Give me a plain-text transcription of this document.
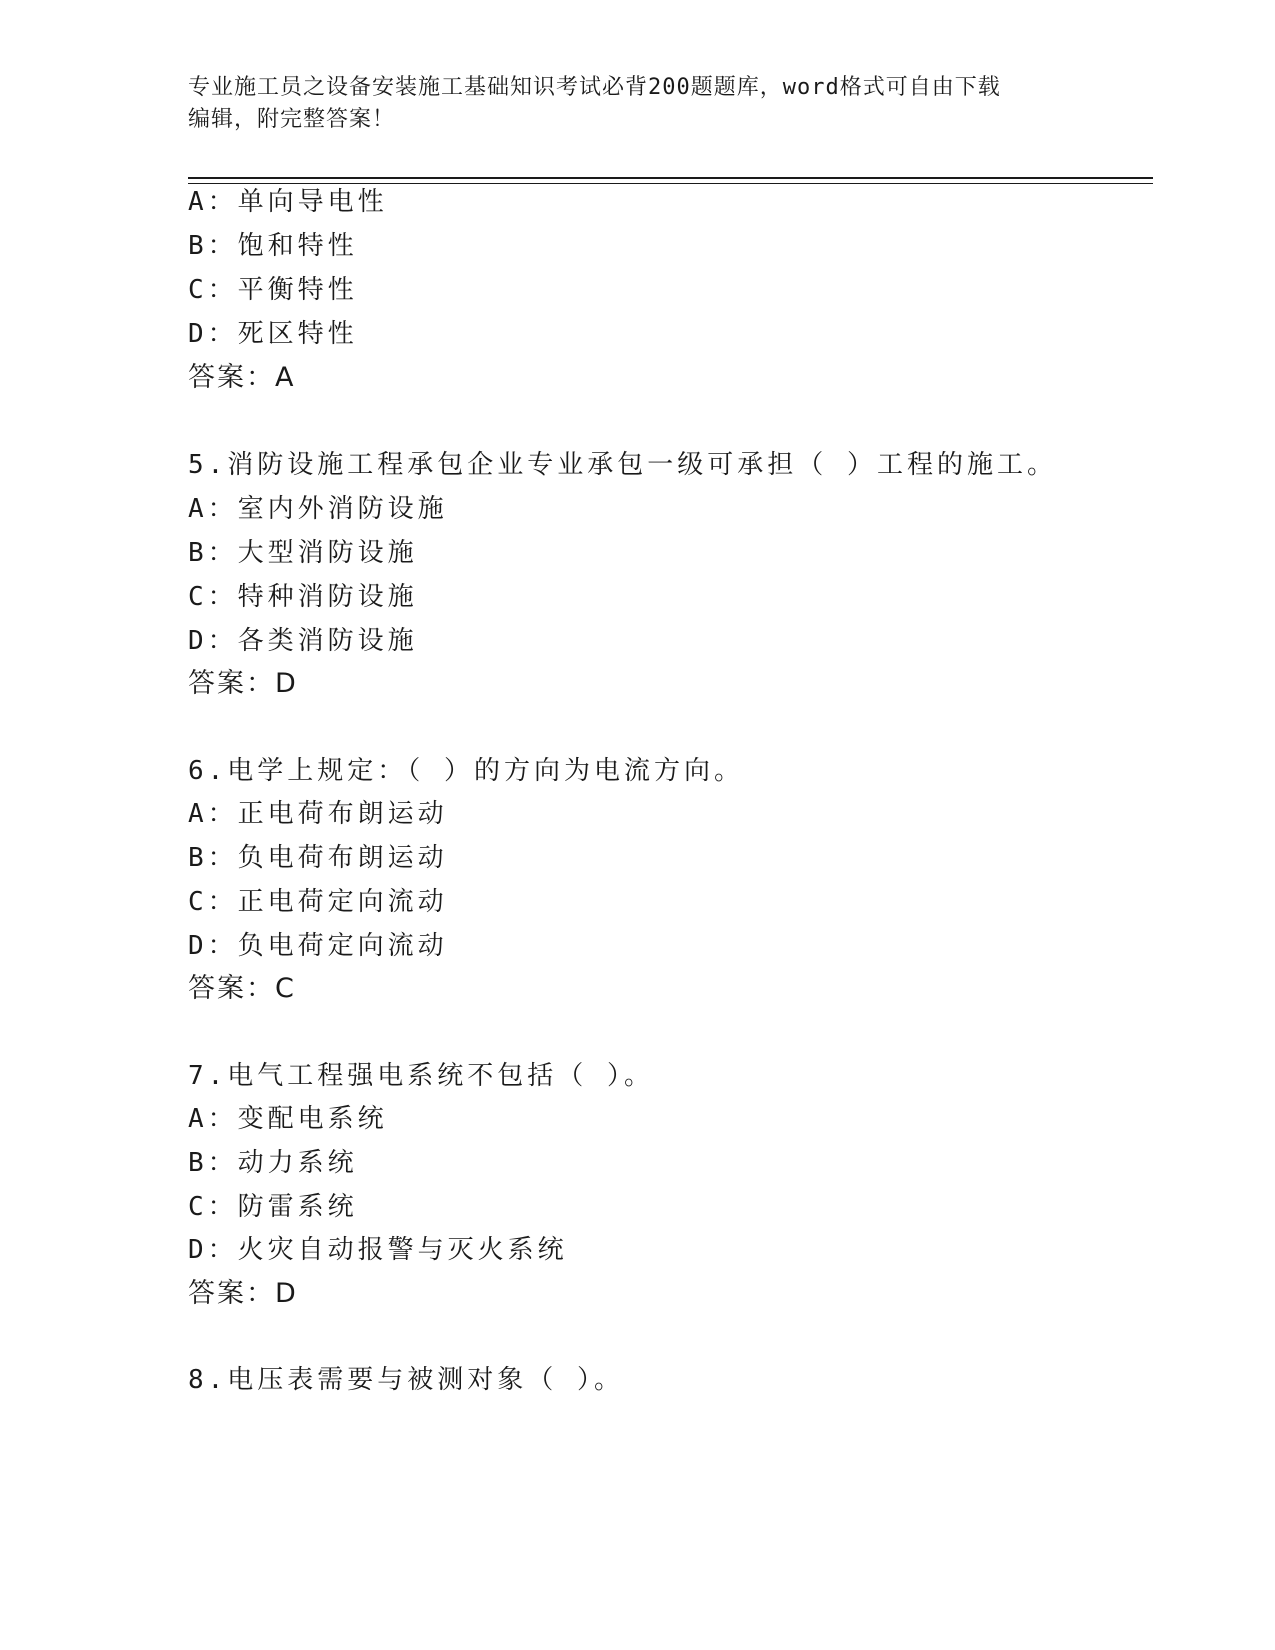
专业施工员之设备安装施工基础知识考试必背200题题库，word格式可自由下载
编辑，附完整答案！
A：单向导电性
B：饱和特性
C：平衡特性
D：死区特性
答案：A
5.消防设施工程承包企业专业承包一级可承担（ ）工程的施工。
A：室内外消防设施
B：大型消防设施
C：特种消防设施
D：各类消防设施
答案：D
6.电学上规定：（ ）的方向为电流方向。
A：正电荷布朗运动
B：负电荷布朗运动
C：正电荷定向流动
D：负电荷定向流动
答案：C
7.电气工程强电系统不包括（ ）。
A：变配电系统
B：动力系统
C：防雷系统
D：火灾自动报警与灭火系统
答案：D
8.电压表需要与被测对象（ ）。
